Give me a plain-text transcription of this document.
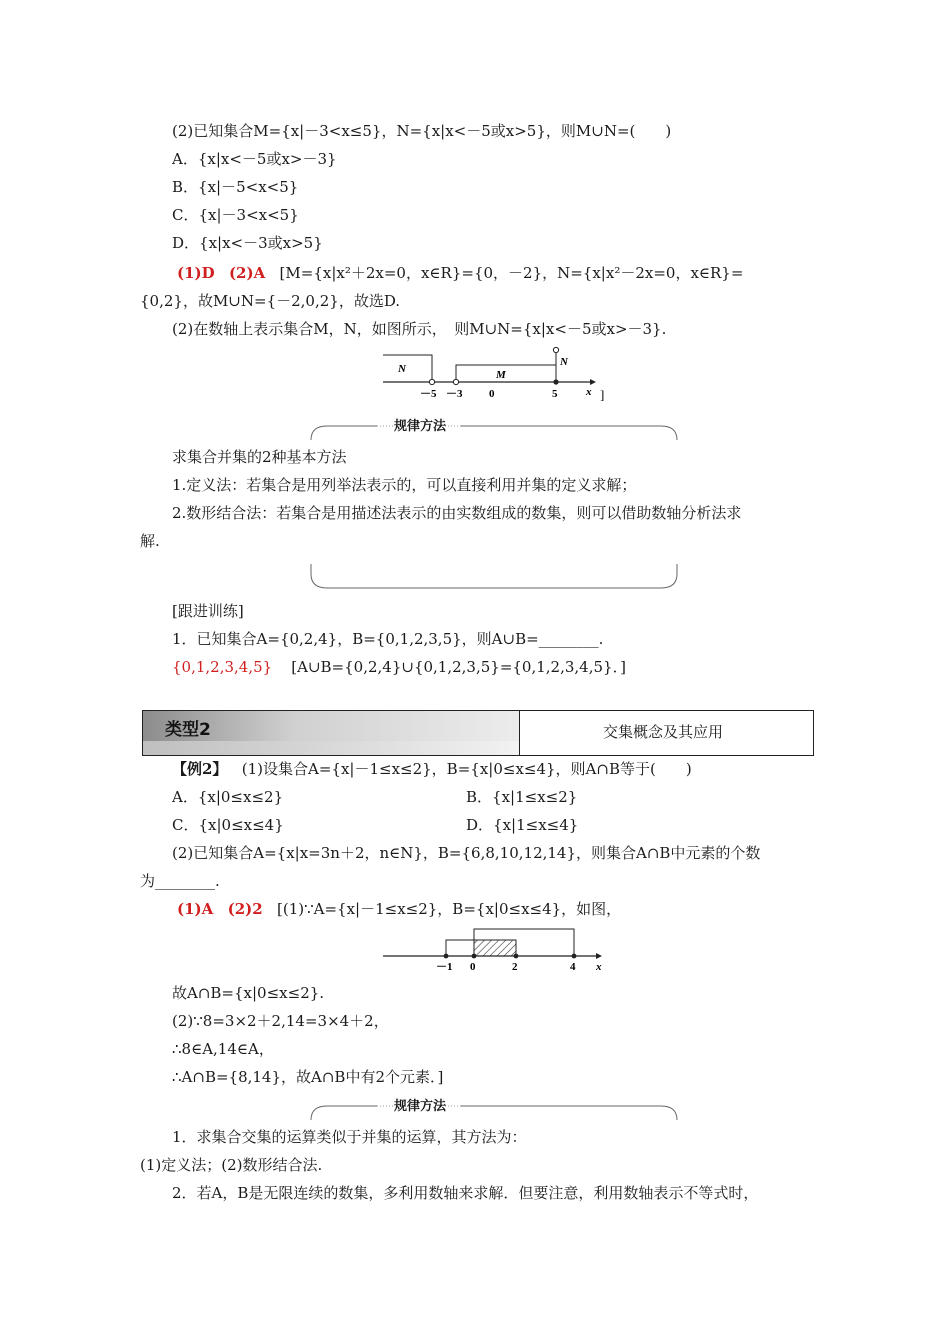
(2)已知集合M={x|－3<x≤5}，N={x|x<－5或x>5}，则M∪N=(　　)
A．{x|x<－5或x>－3}
B．{x|－5<x<5}
C．{x|－3<x<5}
D．{x|x<－3或x>5}
(1)D (2)A [M={x|x²＋2x=0，x∈R}={0，－2}，N={x|x²－2x=0，x∈R}=
{0,2}，故M∪N={－2,0,2}，故选D.
(2)在数轴上表示集合M，N，如图所示，　则M∪N={x|x<－5或x>－3}.
N	M
N
－5 －3 0	5	x ]
规律方法
求集合并集的2种基本方法
1.定义法：若集合是用列举法表示的，可以直接利用并集的定义求解；
2.数形结合法：若集合是用描述法表示的由实数组成的数集，则可以借助数轴分析法求
解.
[跟进训练]
1．已知集合A={0,2,4}，B={0,1,2,3,5}，则A∪B=________.
{0,1,2,3,4,5} [A∪B={0,2,4}∪{0,1,2,3,5}={0,1,2,3,4,5}．]
类型2	交集概念及其应用
【例2】 (1)设集合A={x|－1≤x≤2}，B={x|0≤x≤4}，则A∩B等于(　　)
A．{x|0≤x≤2}	B．{x|1≤x≤2}
C．{x|0≤x≤4}	D．{x|1≤x≤4}
(2)已知集合A={x|x=3n＋2，n∈N}，B={6,8,10,12,14}，则集合A∩B中元素的个数
为________.
(1)A (2)2 [(1)∵A={x|－1≤x≤2}，B={x|0≤x≤4}，如图，
－1 0	2	4 x
故A∩B={x|0≤x≤2}.
(2)∵8=3×2＋2,14=3×4＋2，
∴8∈A,14∈A，
∴A∩B={8,14}，故A∩B中有2个元素．]
规律方法
1．求集合交集的运算类似于并集的运算，其方法为：
(1)定义法；(2)数形结合法.
2．若A，B是无限连续的数集，多利用数轴来求解．但要注意，利用数轴表示不等式时，
